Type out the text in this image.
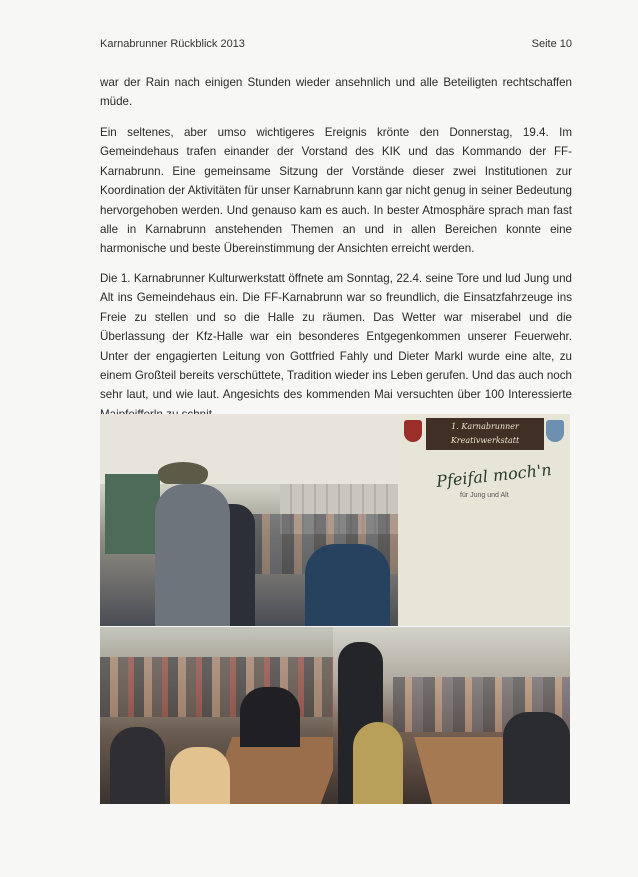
Karnabrunner Rückblick 2013	Seite 10

war der Rain nach einigen Stunden wieder ansehnlich und alle Beteiligten rechtschaffen müde.

Ein seltenes, aber umso wichtigeres Ereignis krönte den Donnerstag, 19.4. Im Gemeindehaus trafen einander der Vorstand des KIK und das Kommando der FF-Karnabrunn. Eine gemeinsame Sitzung der Vorstände dieser zwei Institutionen zur Koordination der Aktivitäten für unser Karnabrunn kann gar nicht genug in seiner Bedeutung hervorgehoben werden. Und genauso kam es auch. In bester Atmosphäre sprach man fast alle in Karnabrunn anstehenden Themen an und in allen Bereichen konnte eine harmonische und beste Übereinstimmung der Ansichten erreicht werden.

Die 1. Karnabrunner Kulturwerkstatt öffnete am Sonntag, 22.4. seine Tore und lud Jung und Alt ins Gemeindehaus ein. Die FF-Karnabrunn war so freundlich, die Einsatzfahrzeuge ins Freie zu stellen und so die Halle zu räumen. Das Wetter war miserabel und die Überlassung der Kfz-Halle war ein besonderes Entgegenkommen unserer Feuerwehr. Unter der engagierten Leitung von Gottfried Fahly und Dieter Markl wurde eine alte, zu einem Großteil bereits verschüttete, Tradition wieder ins Leben gerufen. Und das auch noch sehr laut, und wie laut. Angesichts des kommenden Mai versuchten über 100 Interessierte

1. Karnabrunner Kreativwerkstatt
Pfeifal moch'n
für Jung und Alt
